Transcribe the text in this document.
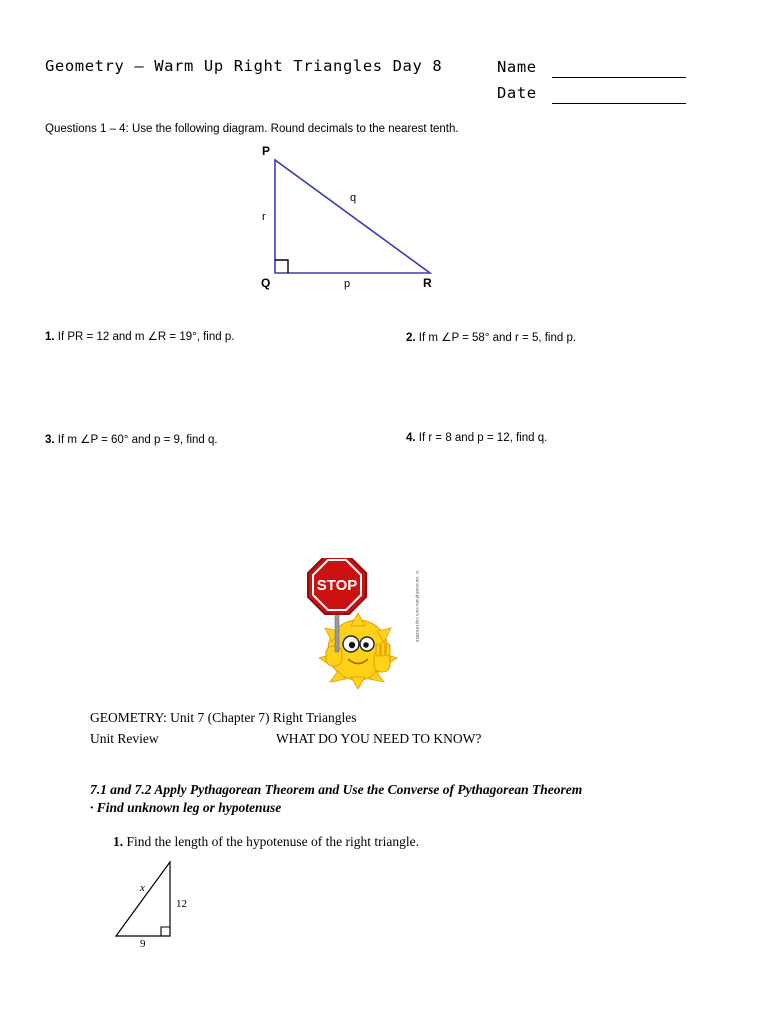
Geometry – Warm Up Right Triangles Day 8	Name
Date
Questions 1 – 4: Use the following diagram. Round decimals to the nearest tenth.
P
Q	R
r
q
p
1. If PR = 12 and m ∠R = 19°, find p.	2. If m ∠P = 58° and r = 5, find p.
3. If m ∠P = 60° and p = 9, find q.	4. If r = 8 and p = 12, find q.
STOP	© canstockphoto.com csp1963845
GEOMETRY: Unit 7 (Chapter 7) Right Triangles
Unit Review	WHAT DO YOU NEED TO KNOW?
7.1 and 7.2 Apply Pythagorean Theorem and Use the Converse of Pythagorean Theorem
· Find unknown leg or hypotenuse
1. Find the length of the hypotenuse of the right triangle.
x
12
9
